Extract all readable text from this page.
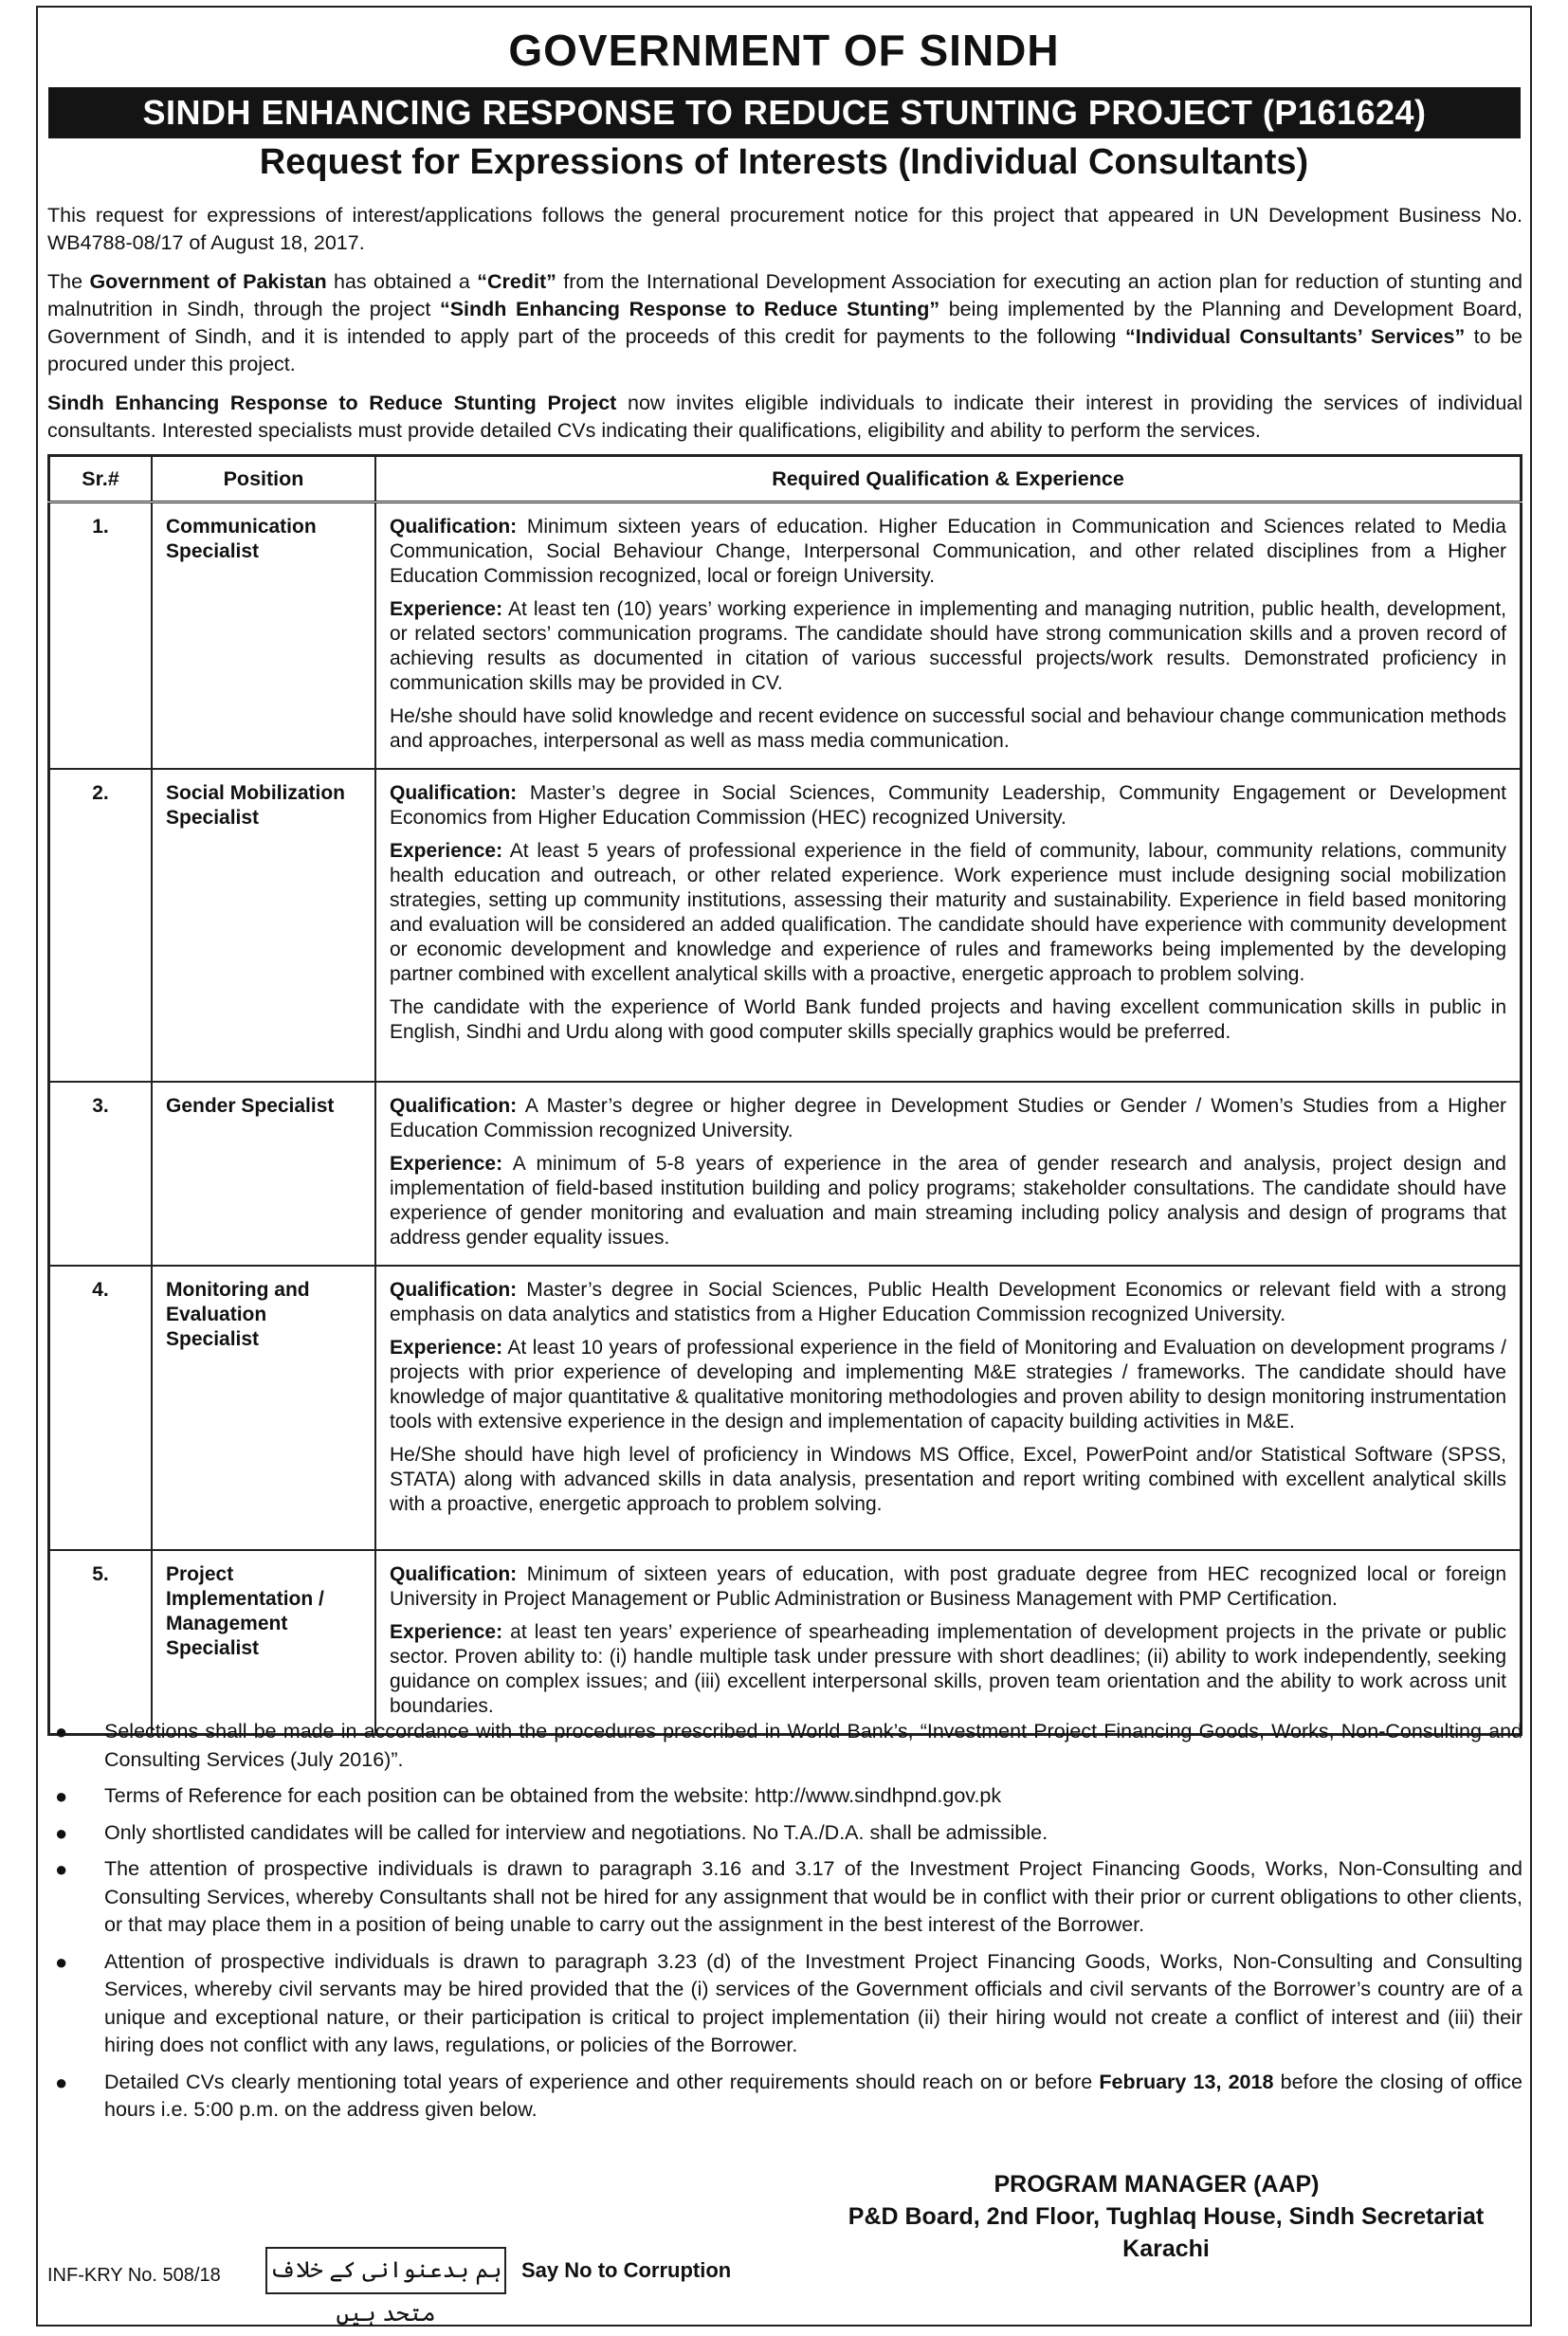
GOVERNMENT OF SINDH
SINDH ENHANCING RESPONSE TO REDUCE STUNTING PROJECT (P161624)
Request for Expressions of Interests (Individual Consultants)
This request for expressions of interest/applications follows the general procurement notice for this project that appeared in UN Development Business No. WB4788-08/17 of August 18, 2017.
The Government of Pakistan has obtained a “Credit” from the International Development Association for executing an action plan for reduction of stunting and malnutrition in Sindh, through the project “Sindh Enhancing Response to Reduce Stunting” being implemented by the Planning and Development Board, Government of Sindh, and it is intended to apply part of the proceeds of this credit for payments to the following “Individual Consultants’ Services” to be procured under this project.
Sindh Enhancing Response to Reduce Stunting Project now invites eligible individuals to indicate their interest in providing the services of individual consultants. Interested specialists must provide detailed CVs indicating their qualifications, eligibility and ability to perform the services.
Sr.#	Position	Required Qualification & Experience
1.	Communication Specialist	Qualification: Minimum sixteen years of education. Higher Education in Communication and Sciences related to Media Communication, Social Behaviour Change, Interpersonal Communication, and other related disciplines from a Higher Education Commission recognized, local or foreign University.

Experience: At least ten (10) years’ working experience in implementing and managing nutrition, public health, development, or related sectors’ communication programs. The candidate should have strong communication skills and a proven record of achieving results as documented in citation of various successful projects/work results. Demonstrated proficiency in communication skills may be provided in CV.

He/she should have solid knowledge and recent evidence on successful social and behaviour change communication methods and approaches, interpersonal as well as mass media communication.

2.	Social Mobilization Specialist	Qualification: Master’s degree in Social Sciences, Community Leadership, Community Engagement or Development Economics from Higher Education Commission (HEC) recognized University.

Experience: At least 5 years of professional experience in the field of community, labour, community relations, community health education and outreach, or other related experience. Work experience must include designing social mobilization strategies, setting up community institutions, assessing their maturity and sustainability. Experience in field based monitoring and evaluation will be considered an added qualification. The candidate should have experience with community development or economic development and knowledge and experience of rules and frameworks being implemented by the developing partner combined with excellent analytical skills with a proactive, energetic approach to problem solving.

The candidate with the experience of World Bank funded projects and having excellent communication skills in public in English, Sindhi and Urdu along with good computer skills specially graphics would be preferred.

3.	Gender Specialist	Qualification: A Master’s degree or higher degree in Development Studies or Gender / Women’s Studies from a Higher Education Commission recognized University.

Experience: A minimum of 5-8 years of experience in the area of gender research and analysis, project design and implementation of field-based institution building and policy programs; stakeholder consultations. The candidate should have experience of gender monitoring and evaluation and main streaming including policy analysis and design of programs that address gender equality issues.

4.	Monitoring and Evaluation Specialist	Qualification: Master’s degree in Social Sciences, Public Health Development Economics or relevant field with a strong emphasis on data analytics and statistics from a Higher Education Commission recognized University.

Experience: At least 10 years of professional experience in the field of Monitoring and Evaluation on development programs / projects with prior experience of developing and implementing M&E strategies / frameworks. The candidate should have knowledge of major quantitative & qualitative monitoring methodologies and proven ability to design monitoring instrumentation tools with extensive experience in the design and implementation of capacity building activities in M&E.

He/She should have high level of proficiency in Windows MS Office, Excel, PowerPoint and/or Statistical Software (SPSS, STATA) along with advanced skills in data analysis, presentation and report writing combined with excellent analytical skills with a proactive, energetic approach to problem solving.

5.	Project Implementation / Management Specialist	Qualification: Minimum of sixteen years of education, with post graduate degree from HEC recognized local or foreign University in Project Management or Public Administration or Business Management with PMP Certification.

Experience: at least ten years’ experience of spearheading implementation of development projects in the private or public sector. Proven ability to: (i) handle multiple task under pressure with short deadlines; (ii) ability to work independently, seeking guidance on complex issues; and (iii) excellent interpersonal skills, proven team orientation and the ability to work across unit boundaries.

● Selections shall be made in accordance with the procedures prescribed in World Bank’s, “Investment Project Financing Goods, Works, Non-Consulting and Consulting Services (July 2016)”.
● Terms of Reference for each position can be obtained from the website: http://www.sindhpnd.gov.pk
● Only shortlisted candidates will be called for interview and negotiations. No T.A./D.A. shall be admissible.
● The attention of prospective individuals is drawn to paragraph 3.16 and 3.17 of the Investment Project Financing Goods, Works, Non-Consulting and Consulting Services, whereby Consultants shall not be hired for any assignment that would be in conflict with their prior or current obligations to other clients, or that may place them in a position of being unable to carry out the assignment in the best interest of the Borrower.
● Attention of prospective individuals is drawn to paragraph 3.23 (d) of the Investment Project Financing Goods, Works, Non-Consulting and Consulting Services, whereby civil servants may be hired provided that the (i) services of the Government officials and civil servants of the Borrower’s country are of a unique and exceptional nature, or their participation is critical to project implementation (ii) their hiring would not create a conflict of interest and (iii) their hiring does not conflict with any laws, regulations, or policies of the Borrower.
● Detailed CVs clearly mentioning total years of experience and other requirements should reach on or before February 13, 2018 before the closing of office hours i.e. 5:00 p.m. on the address given below.
PROGRAM MANAGER (AAP)
P&D Board, 2nd Floor, Tughlaq House, Sindh Secretariat
Karachi
INF-KRY No. 508/18 ہم بدعنوانی کے خلاف متحد ہیں
Say No to Corruption
